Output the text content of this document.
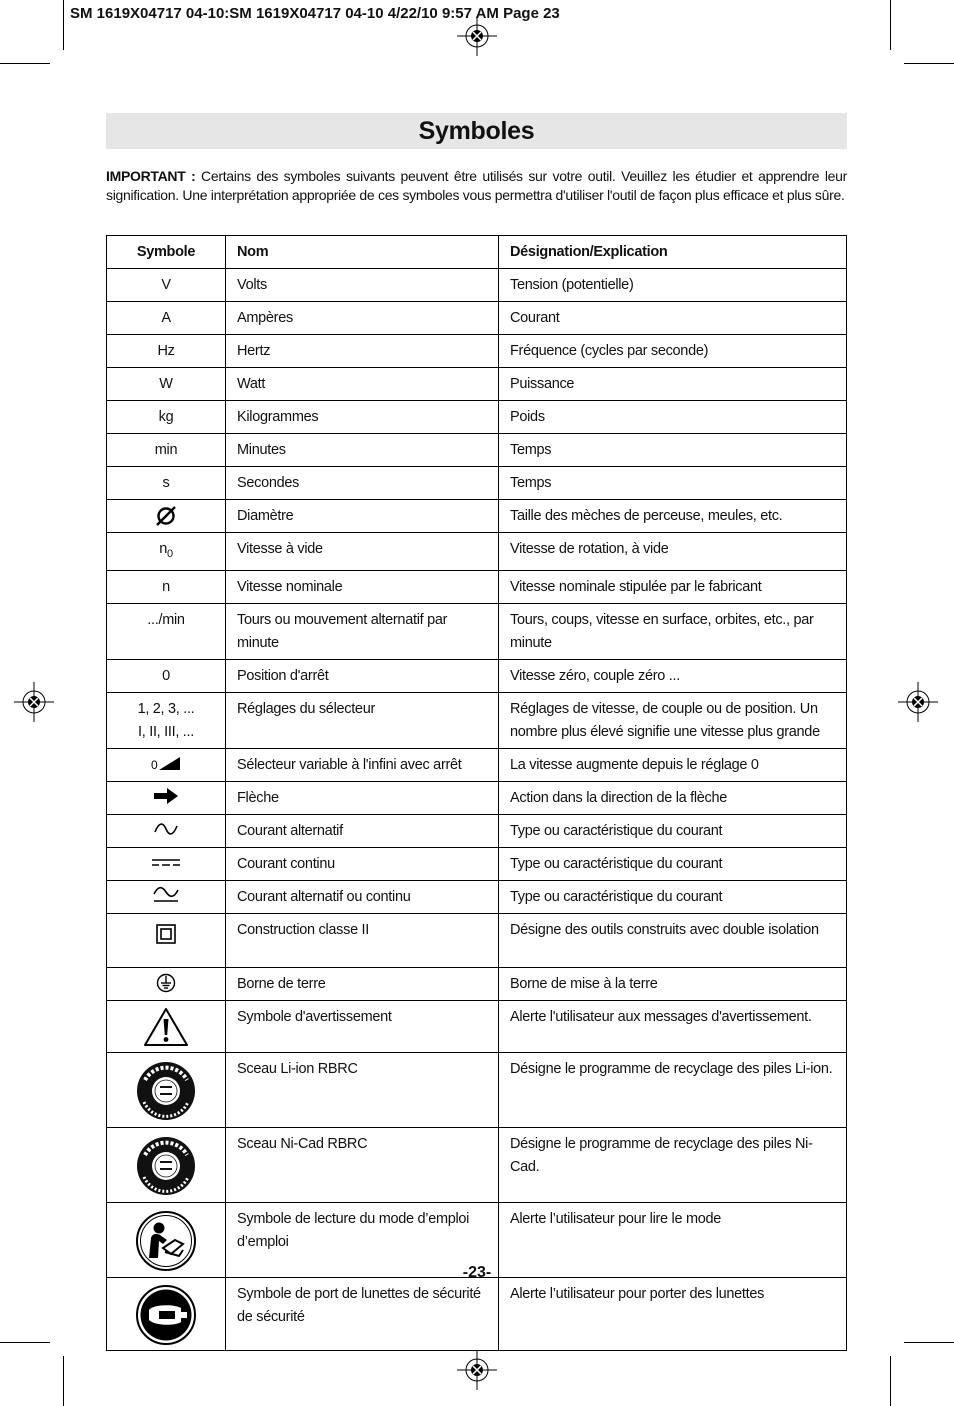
SM 1619X04717 04-10:SM 1619X04717 04-10 4/22/10 9:57 AM Page 23
Symboles
IMPORTANT : Certains des symboles suivants peuvent être utilisés sur votre outil. Veuillez les étudier et apprendre leur signification. Une interprétation appropriée de ces symboles vous permettra d'utiliser l'outil de façon plus efficace et plus sûre.
Symbole	Nom	Désignation/Explication
V	Volts	Tension (potentielle)
A	Ampères	Courant
Hz	Hertz	Fréquence (cycles par seconde)
W	Watt	Puissance
kg	Kilogrammes	Poids
min	Minutes	Temps
s	Secondes	Temps

	Diamètre	Taille des mèches de perceuse, meules, etc.
$n_0$	Vitesse à vide	Vitesse de rotation, à vide
n	Vitesse nominale	Vitesse nominale stipulée par le fabricant
.../min	Tours ou mouvement alternatif par minute	Tours, coups, vitesse en surface, orbites, etc., par minute
0	Position d'arrêt	Vitesse zéro, couple zéro ...

1, 2, 3, ...
I, II, III, ...	Réglages du sélecteur	Réglages de vitesse, de couple ou de position. Un nombre plus élevé signifie une vitesse plus grande

0	Sélecteur variable à l'infini avec arrêt	La vitesse augmente depuis le réglage 0

	Flèche	Action dans la direction de la flèche

	Courant alternatif	Type ou caractéristique du courant

	Courant continu	Type ou caractéristique du courant

	Courant alternatif ou continu	Type ou caractéristique du courant

	Construction classe II	Désigne des outils construits avec double isolation

	Borne de terre	Borne de mise à la terre

	Symbole d'avertissement	Alerte l'utilisateur aux messages d'avertissement.

	Sceau Li-ion RBRC	Désigne le programme de recyclage des piles Li-ion.

	Sceau Ni-Cad RBRC	Désigne le programme de recyclage des piles Ni-Cad.

	Symbole de lecture du mode d’emploi d’emploi	Alerte l’utilisateur pour lire le mode

	Symbole de port de lunettes de sécurité de sécurité	Alerte l’utilisateur pour porter des lunettes
-23-
